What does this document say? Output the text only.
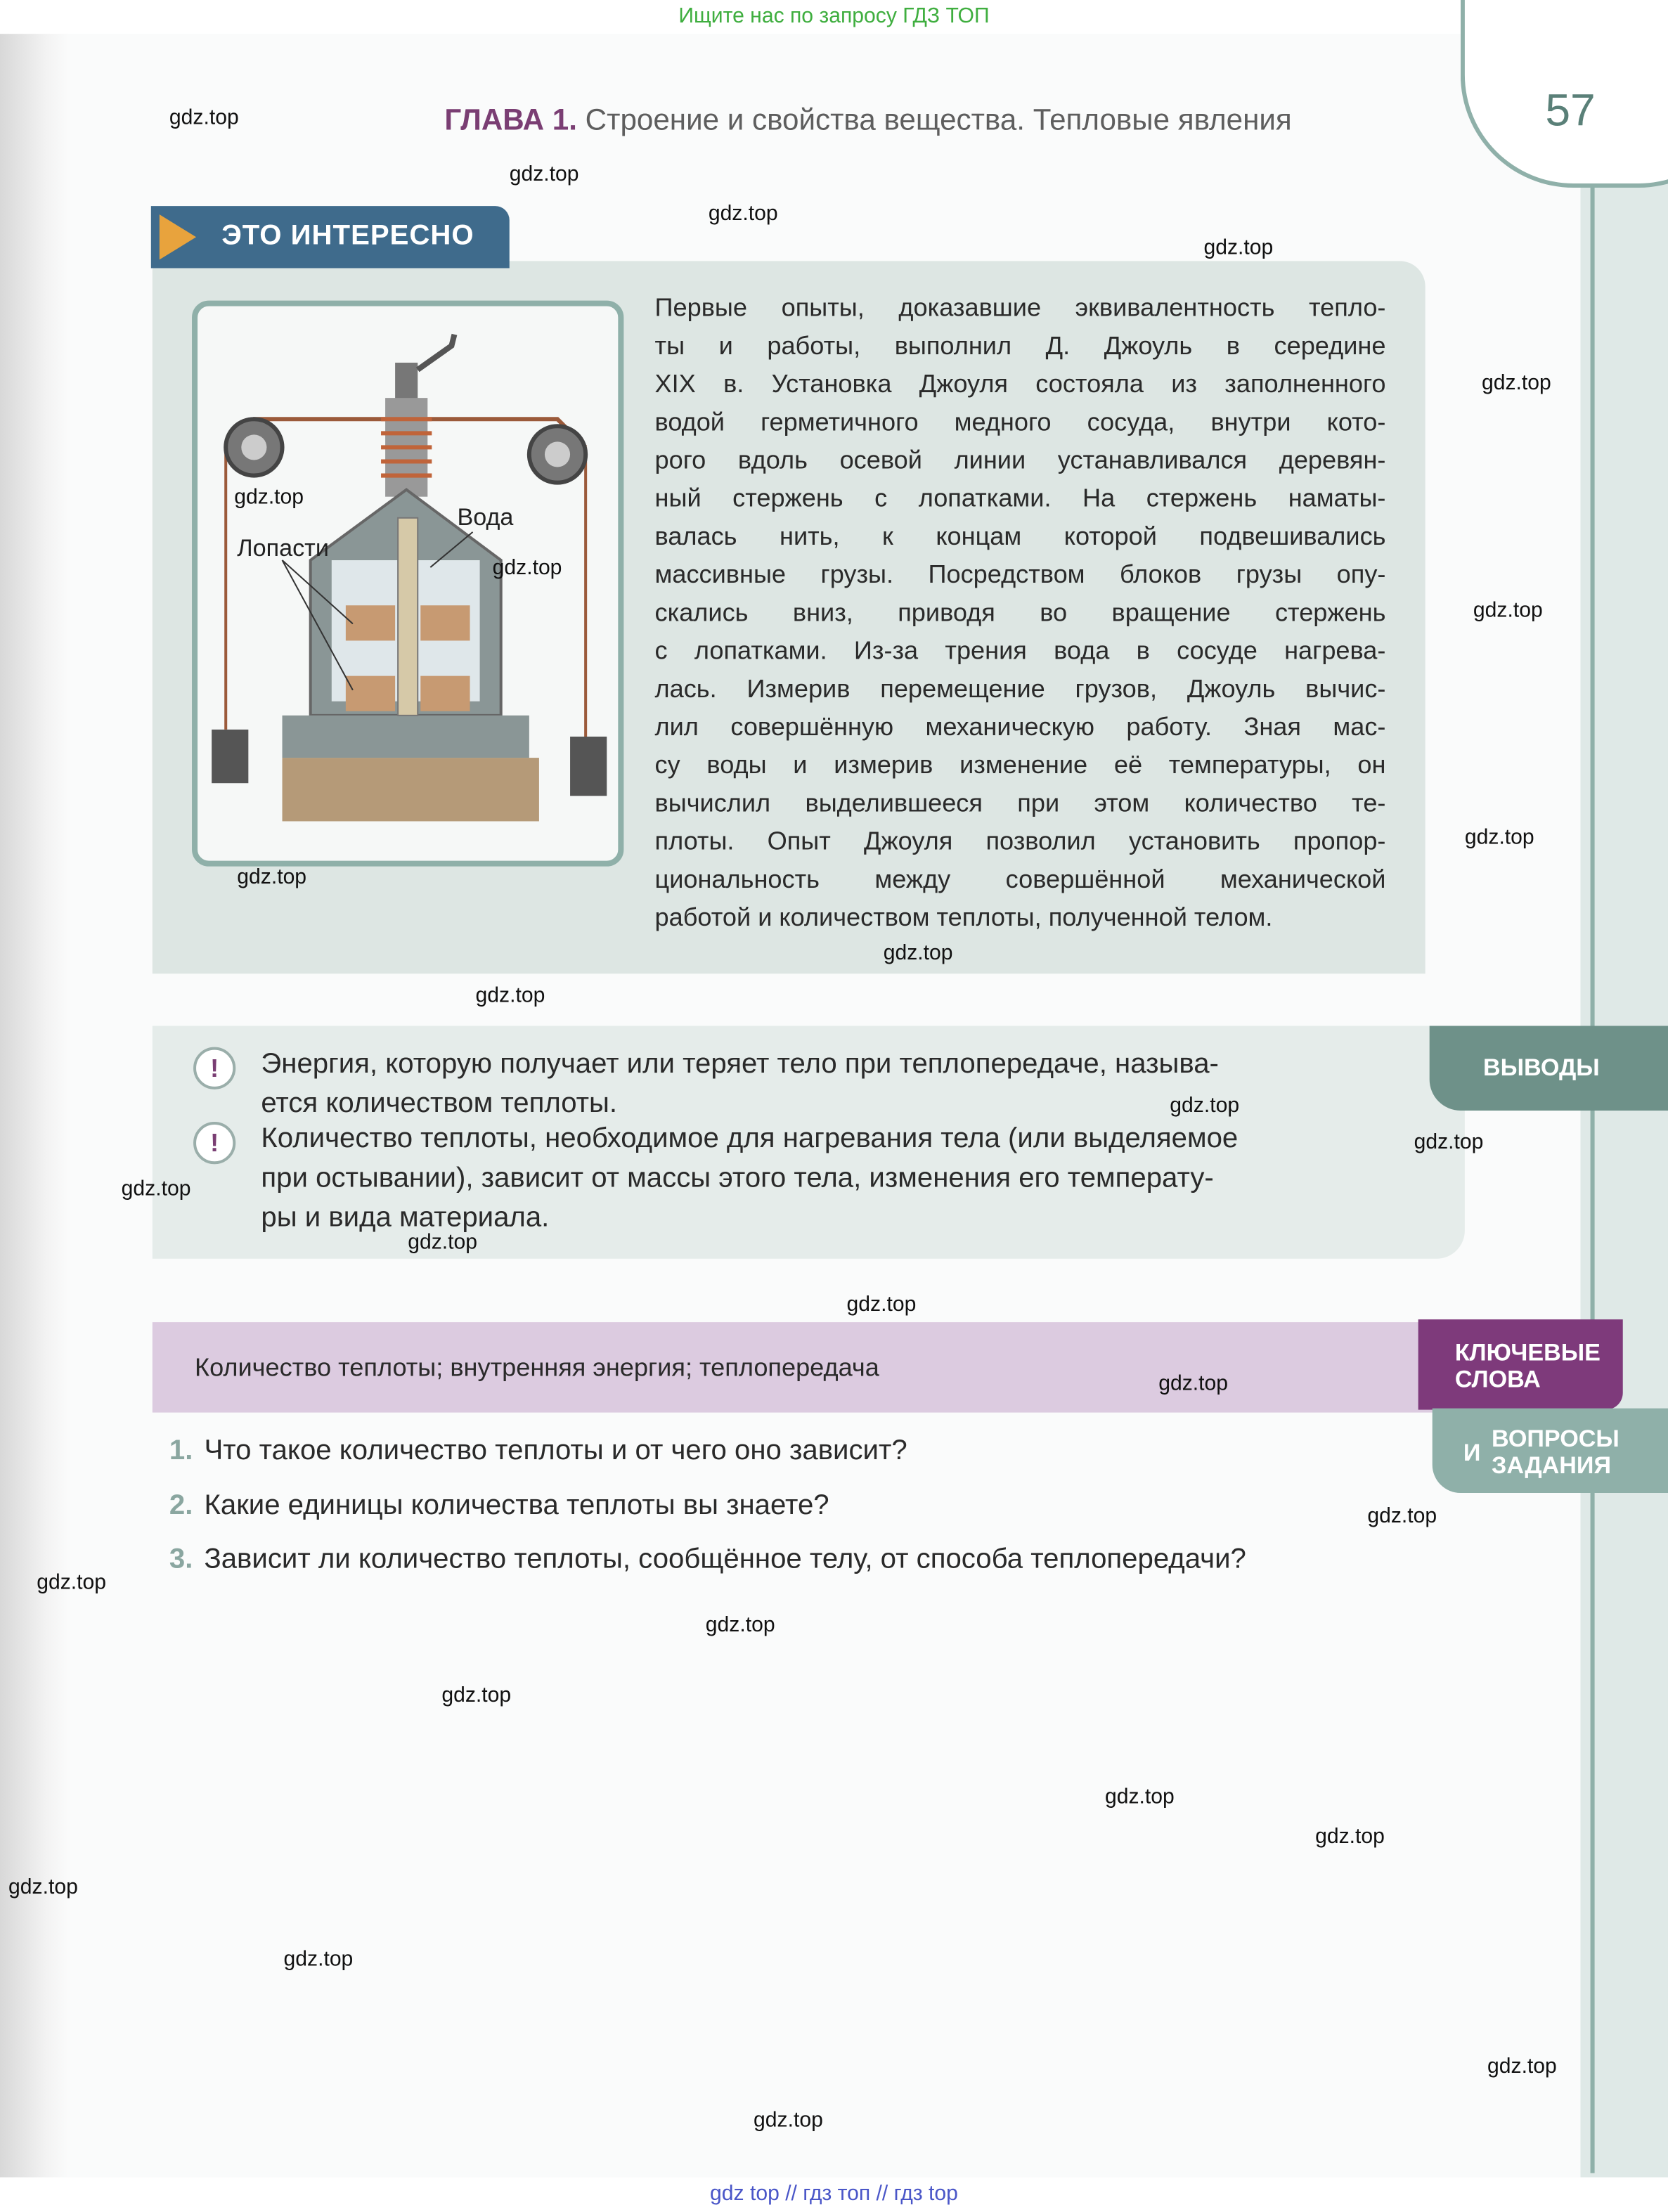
Ищите нас по запросу ГДЗ ТОП
57
ГЛАВА 1. Строение и свойства вещества. Тепловые явления
ЭТО ИНТЕРЕСНО
Вода
Лопасти
Первые опыты, доказавшие эквивалентность тепло-
ты и работы, выполнил Д. Джоуль в середине
XIX в. Установка Джоуля состояла из заполненного
водой герметичного медного сосуда, внутри кото-
рого вдоль осевой линии устанавливался деревян-
ный стержень с лопатками. На стержень наматы-
валась нить, к концам которой подвешивались
массивные грузы. Посредством блоков грузы опу-
скались вниз, приводя во вращение стержень
с лопатками. Из-за трения вода в сосуде нагрева-
лась. Измерив перемещение грузов, Джоуль вычис-
лил совершённую механическую работу. Зная мас-
су воды и измерив изменение её температуры, он
вычислил выделившееся при этом количество те-
плоты. Опыт Джоуля позволил установить пропор-
циональность между совершённой механической
работой и количеством теплоты, полученной телом.
ВЫВОДЫ
!	Энергия, которую получает или теряет тело при теплопередаче, называ-
ется количеством теплоты.
!	Количество теплоты, необходимое для нагревания тела (или выделяемое
при остывании), зависит от массы этого тела, изменения его температу-
ры и вида материала.
Количество теплоты; внутренняя энергия; теплопередача
КЛЮЧЕВЫЕ
СЛОВА
И
ВОПРОСЫ
ЗАДАНИЯ
1. Что такое количество теплоты и от чего оно зависит?
2. Какие единицы количества теплоты вы знаете?
3. Зависит ли количество теплоты, сообщённое телу, от способа теплопередачи?
gdz.top
gdz.top
gdz.top
gdz.top
gdz.top
gdz.top
gdz.top
gdz.top
gdz.top
gdz.top
gdz.top
gdz.top
gdz.top
gdz.top
gdz.top
gdz.top
gdz.top
gdz.top
gdz.top
gdz.top
gdz.top
gdz.top
gdz.top
gdz.top
gdz.top
gdz.top
gdz.top
gdz.top
gdz top // гдз топ // гдз top
